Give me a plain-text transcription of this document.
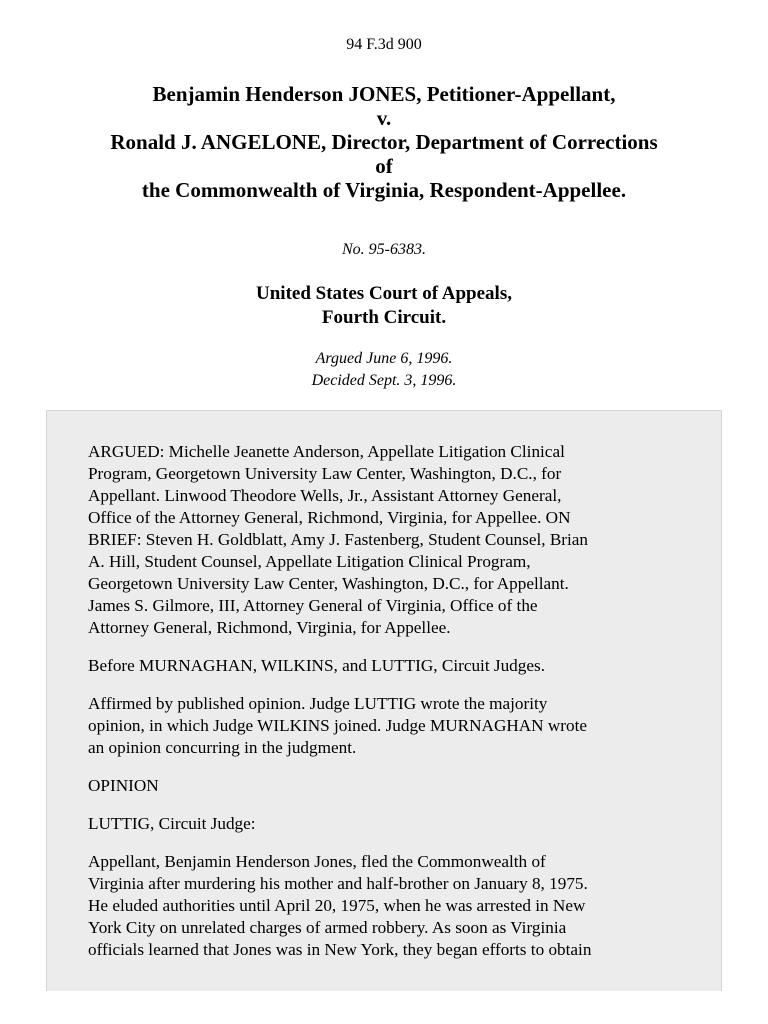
94 F.3d 900
Benjamin Henderson JONES, Petitioner-Appellant,
v.
Ronald J. ANGELONE, Director, Department of Corrections
of
the Commonwealth of Virginia, Respondent-Appellee.
No. 95-6383.
United States Court of Appeals,
Fourth Circuit.
Argued June 6, 1996.
Decided Sept. 3, 1996.
ARGUED: Michelle Jeanette Anderson, Appellate Litigation Clinical
Program, Georgetown University Law Center, Washington, D.C., for
Appellant. Linwood Theodore Wells, Jr., Assistant Attorney General,
Office of the Attorney General, Richmond, Virginia, for Appellee. ON
BRIEF: Steven H. Goldblatt, Amy J. Fastenberg, Student Counsel, Brian
A. Hill, Student Counsel, Appellate Litigation Clinical Program,
Georgetown University Law Center, Washington, D.C., for Appellant.
James S. Gilmore, III, Attorney General of Virginia, Office of the
Attorney General, Richmond, Virginia, for Appellee.
Before MURNAGHAN, WILKINS, and LUTTIG, Circuit Judges.
Affirmed by published opinion. Judge LUTTIG wrote the majority
opinion, in which Judge WILKINS joined. Judge MURNAGHAN wrote
an opinion concurring in the judgment.
OPINION
LUTTIG, Circuit Judge:
Appellant, Benjamin Henderson Jones, fled the Commonwealth of
Virginia after murdering his mother and half-brother on January 8, 1975.
He eluded authorities until April 20, 1975, when he was arrested in New
York City on unrelated charges of armed robbery. As soon as Virginia
officials learned that Jones was in New York, they began efforts to obtain
